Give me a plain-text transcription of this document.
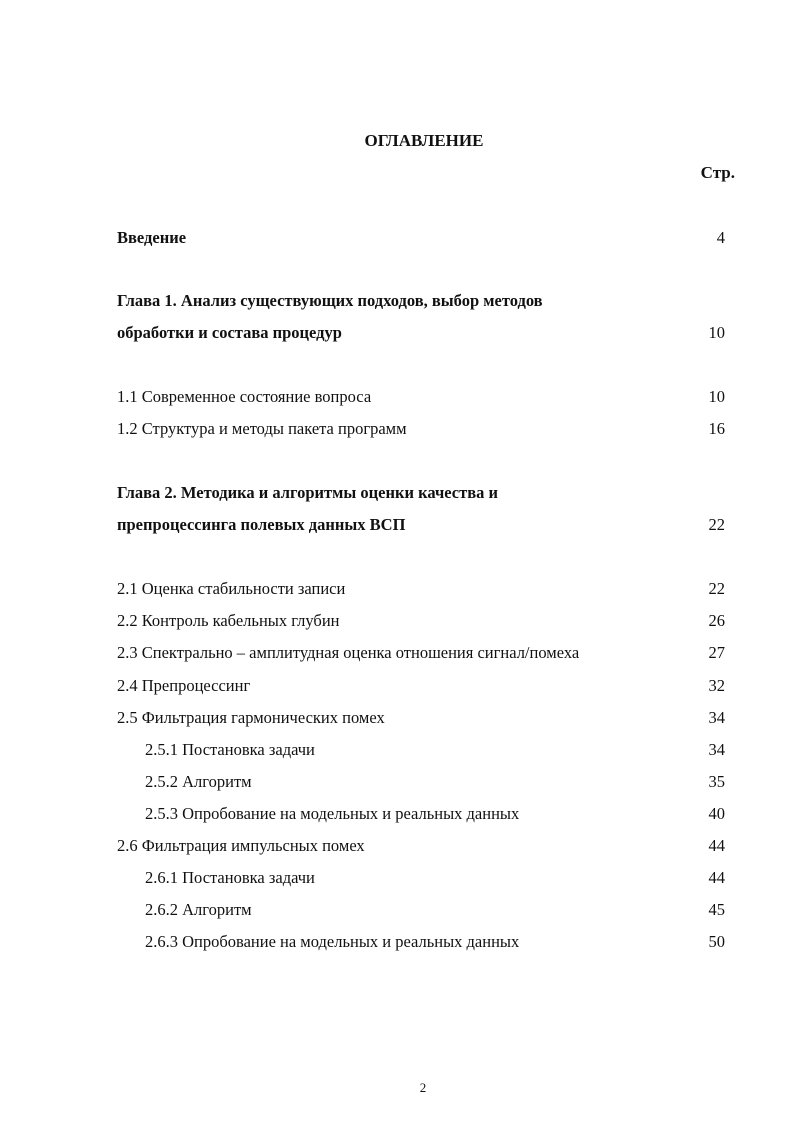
ОГЛАВЛЕНИЕ
Стр.
Введение	4
Глава 1. Анализ существующих подходов, выбор методов
обработки и состава процедур	10
1.1 Современное состояние вопроса	10
1.2 Структура и методы пакета программ	16
Глава 2. Методика и алгоритмы оценки качества и
препроцессинга полевых данных ВСП	22
2.1 Оценка стабильности записи	22
2.2 Контроль кабельных глубин	26
2.3 Спектрально – амплитудная оценка отношения сигнал/помеха	27
2.4 Препроцессинг	32
2.5 Фильтрация гармонических помех	34
2.5.1 Постановка задачи	34
2.5.2 Алгоритм	35
2.5.3 Опробование на модельных и реальных данных	40
2.6 Фильтрация импульсных помех	44
2.6.1 Постановка задачи	44
2.6.2 Алгоритм	45
2.6.3 Опробование на модельных и реальных данных	50
2
